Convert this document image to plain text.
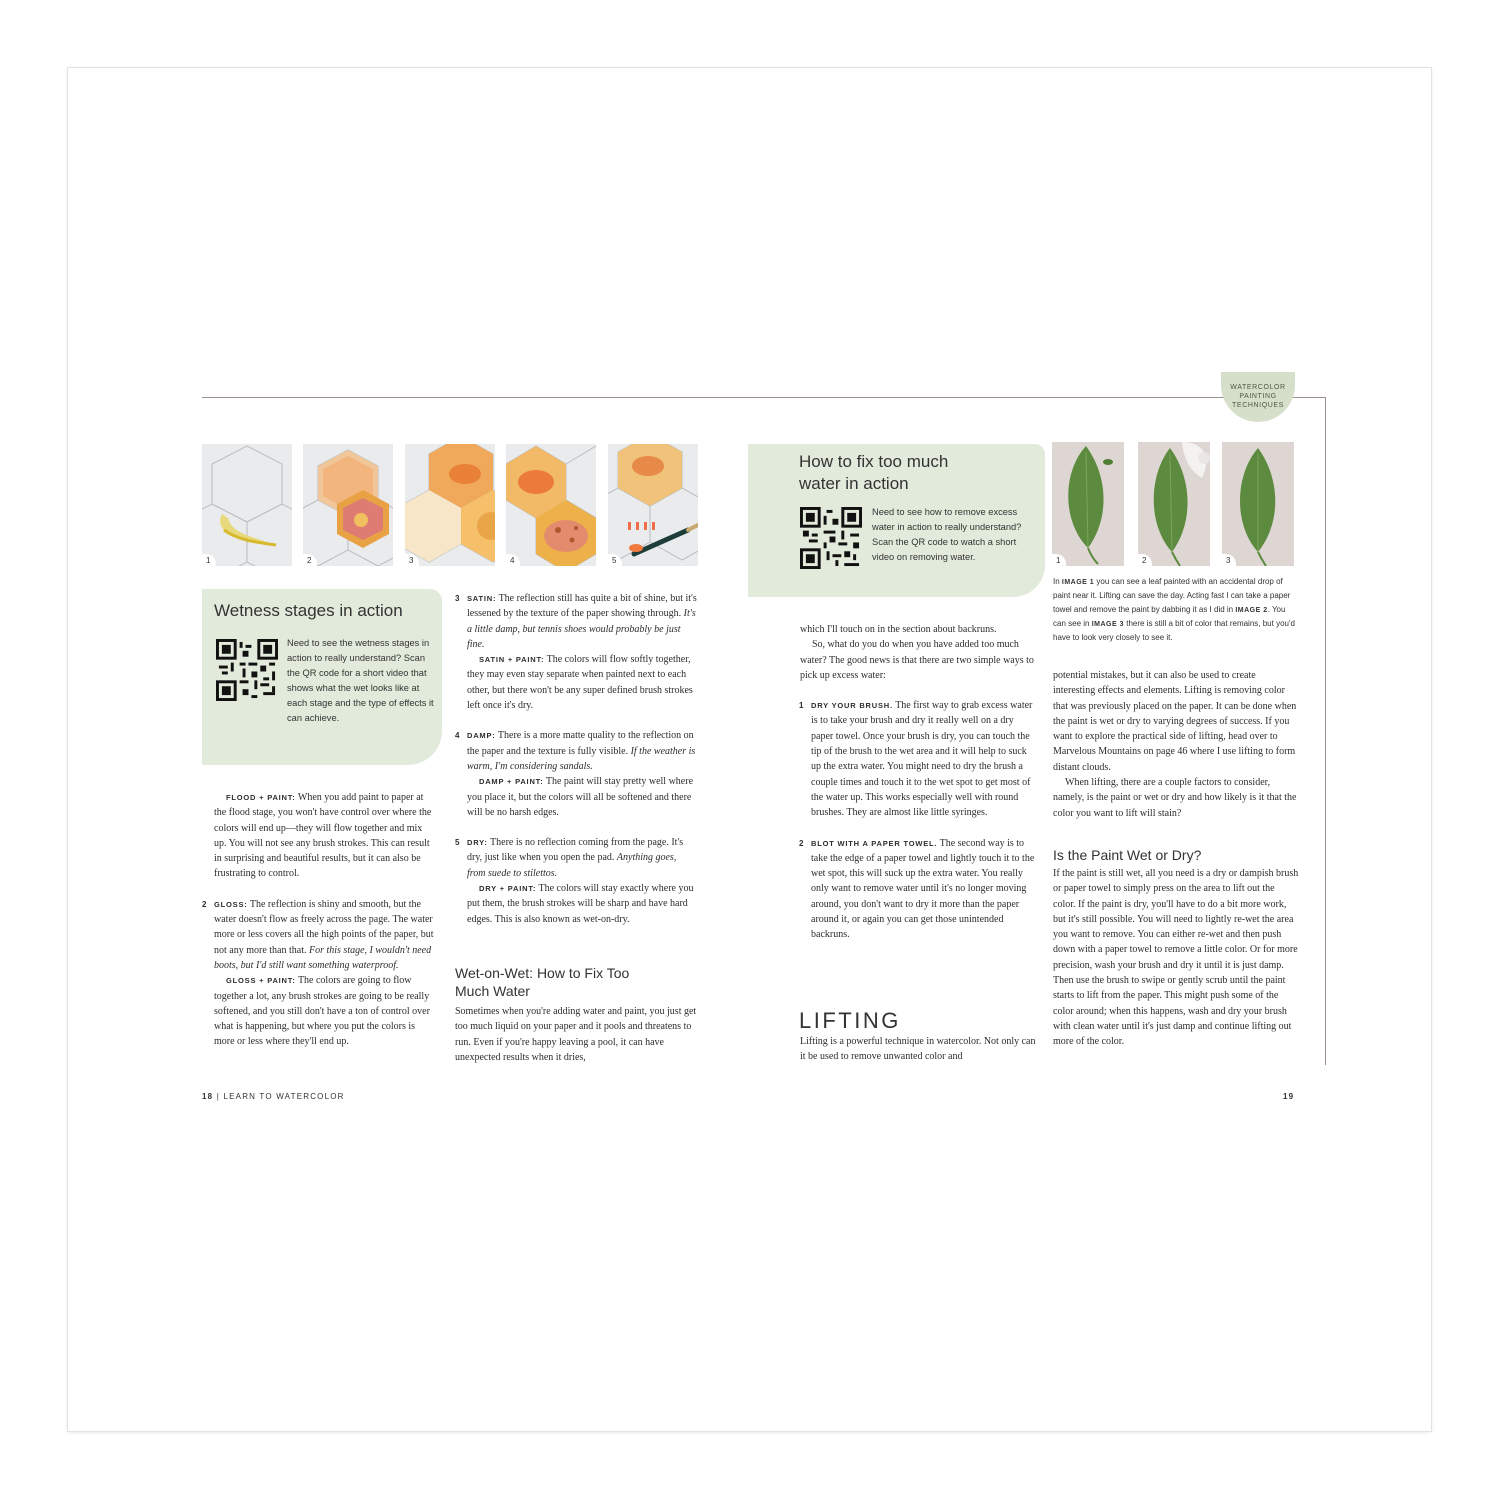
WATERCOLOR
PAINTING
TECHNIQUES
1	2	3	4	5
Wetness stages in action
Need to see the wetness stages in action to really understand? Scan the QR code for a short video that shows what the wet looks like at each stage and the type of effects it can achieve.

FLOOD + PAINT: When you add paint to paper at the flood stage, you won't have control over where the colors will end up—they will flow together and mix up. You will not see any brush strokes. This can result in surprising and beautiful results, but it can also be frustrating to control.

2 GLOSS: The reflection is shiny and smooth, but the water doesn't flow as freely across the page. The water more or less covers all the high points of the paper, but not any more than that. For this stage, I wouldn't need boots, but I'd still want something waterproof.

GLOSS + PAINT: The colors are going to flow together a lot, any brush strokes are going to be really softened, and you still don't have a ton of control over what is happening, but where you put the colors is more or less where they'll end up.

3 SATIN: The reflection still has quite a bit of shine, but it's lessened by the texture of the paper showing through. It's a little damp, but tennis shoes would probably be just fine.

SATIN + PAINT: The colors will flow softly together, they may even stay separate when painted next to each other, but there won't be any super defined brush strokes left once it's dry.

4 DAMP: There is a more matte quality to the reflection on the paper and the texture is fully visible. If the weather is warm, I'm considering sandals.

DAMP + PAINT: The paint will stay pretty well where you place it, but the colors will all be softened and there will be no harsh edges.

5 DRY: There is no reflection coming from the page. It's dry, just like when you open the pad. Anything goes, from suede to stilettos.

DRY + PAINT: The colors will stay exactly where you put them, the brush strokes will be sharp and have hard edges. This is also known as wet-on-dry.

Wet-on-Wet: How to Fix Too Much Water

Sometimes when you're adding water and paint, you just get too much liquid on your paper and it pools and threatens to run. Even if you're happy leaving a pool, it can have unexpected results when it dries,

18 | LEARN TO WATERCOLOR
How to fix too much water in action
Need to see how to remove excess water in action to really understand? Scan the QR code to watch a short video on removing water.

which I'll touch on in the section about backruns.

So, what do you do when you have added too much water? The good news is that there are two simple ways to pick up excess water:

1 DRY YOUR BRUSH. The first way to grab excess water is to take your brush and dry it really well on a dry paper towel. Once your brush is dry, you can touch the tip of the brush to the wet area and it will help to suck up the extra water. You might need to dry the brush a couple times and touch it to the wet spot to get most of the water up. This works especially well with round brushes. They are almost like little syringes.

2 BLOT WITH A PAPER TOWEL. The second way is to take the edge of a paper towel and lightly touch it to the wet spot, this will suck up the extra water. You really only want to remove water until it's no longer moving around, you don't want to dry it more than the paper around it, or again you can get those unintended backruns.

LIFTING

Lifting is a powerful technique in watercolor. Not only can it be used to remove unwanted color and

1	2	3
In IMAGE 1 you can see a leaf painted with an accidental drop of paint near it. Lifting can save the day. Acting fast I can take a paper towel and remove the paint by dabbing it as I did in IMAGE 2. You can see in IMAGE 3 there is still a bit of color that remains, but you'd have to look very closely to see it.

potential mistakes, but it can also be used to create interesting effects and elements. Lifting is removing color that was previously placed on the paper. It can be done when the paint is wet or dry to varying degrees of success. If you want to explore the practical side of lifting, head over to Marvelous Mountains on page 46 where I use lifting to form distant clouds.

When lifting, there are a couple factors to consider, namely, is the paint or wet or dry and how likely is it that the color you want to lift will stain?

Is the Paint Wet or Dry?

If the paint is still wet, all you need is a dry or dampish brush or paper towel to simply press on the area to lift out the color. If the paint is dry, you'll have to do a bit more work, but it's still possible. You will need to lightly re-wet the area you want to remove. You can either re-wet and then push down with a paper towel to remove a little color. Or for more precision, wash your brush and dry it until it is just damp. Then use the brush to swipe or gently scrub until the paint starts to lift from the paper. This might push some of the color around; when this happens, wash and dry your brush with clean water until it's just damp and continue lifting out more of the color.

19
